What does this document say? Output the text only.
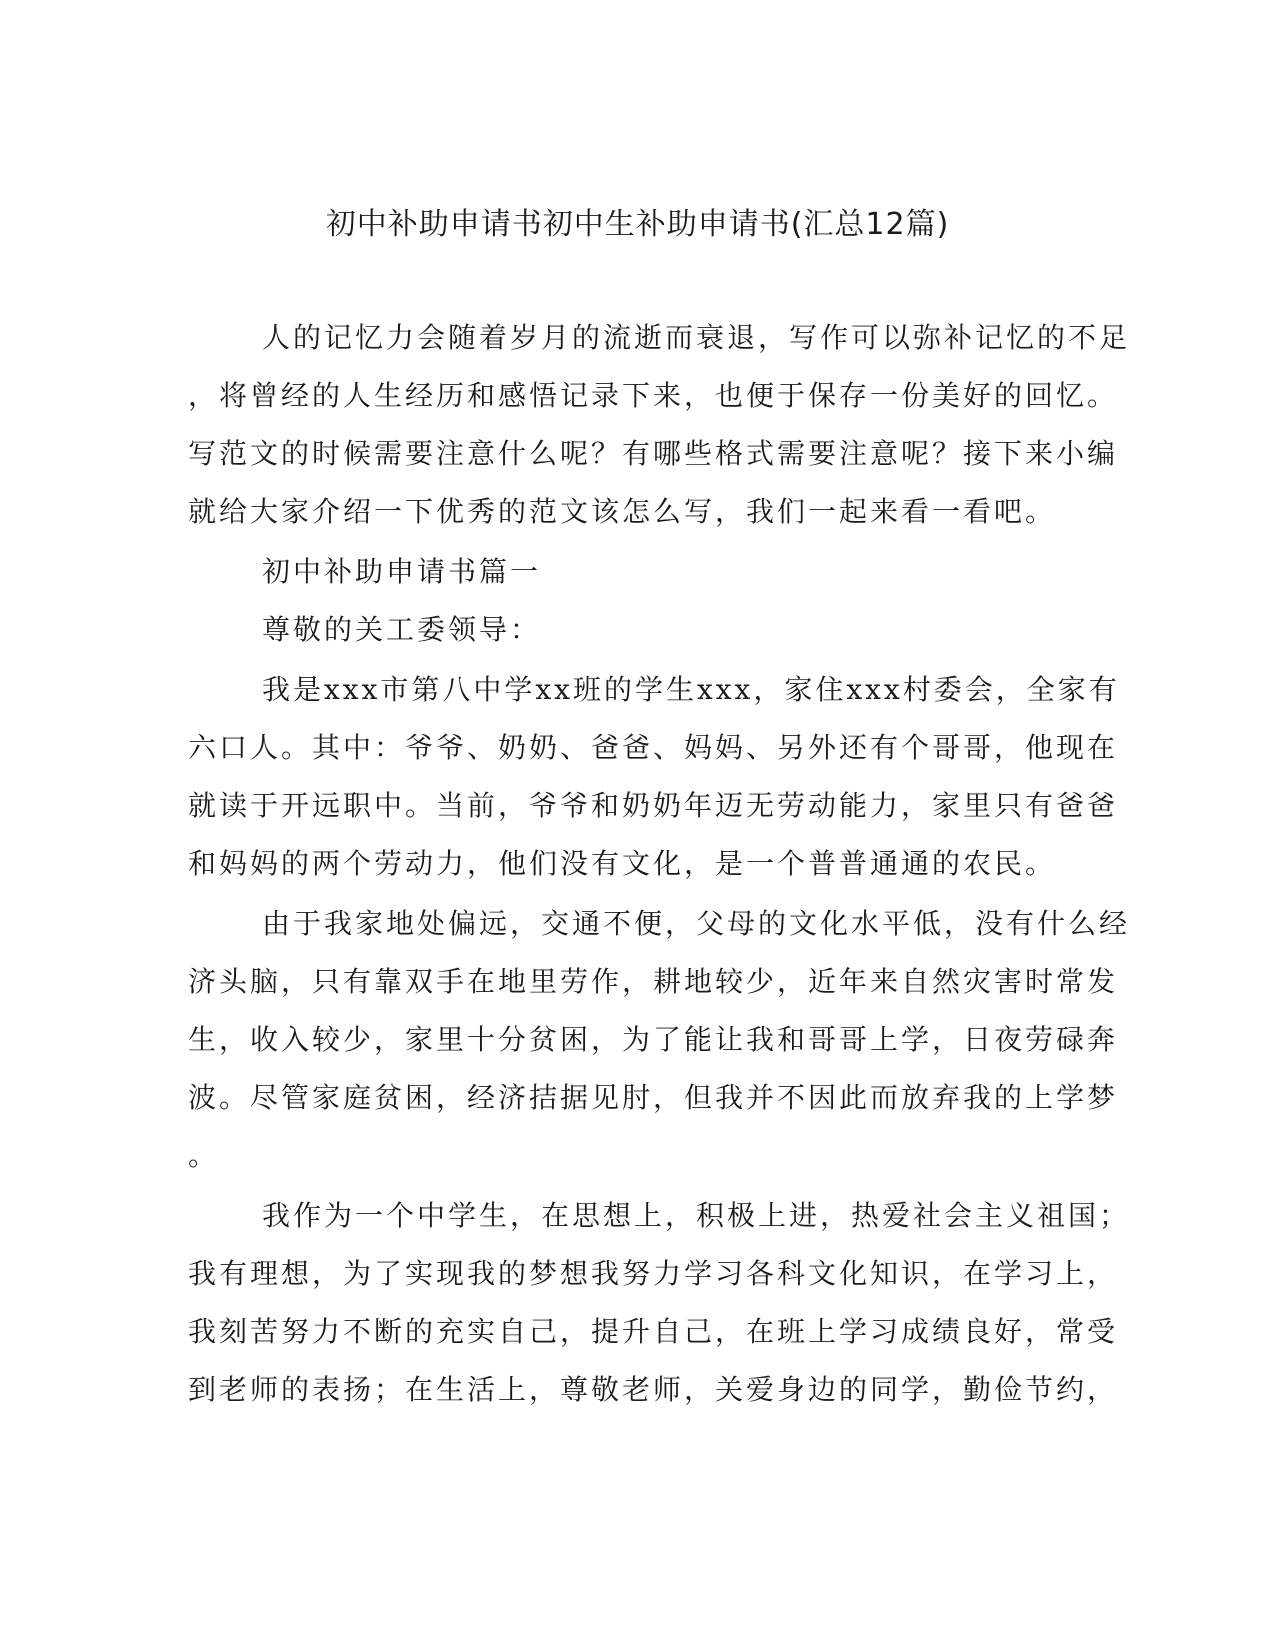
初中补助申请书初中生补助申请书(汇总12篇)
人的记忆力会随着岁月的流逝而衰退，写作可以弥补记忆的不足
，将曾经的人生经历和感悟记录下来，也便于保存一份美好的回忆。
写范文的时候需要注意什么呢？有哪些格式需要注意呢？接下来小编
就给大家介绍一下优秀的范文该怎么写，我们一起来看一看吧。
初中补助申请书篇一
尊敬的关工委领导：
我是xxx市第八中学xx班的学生xxx，家住xxx村委会，全家有
六口人。其中：爷爷、奶奶、爸爸、妈妈、另外还有个哥哥，他现在
就读于开远职中。当前，爷爷和奶奶年迈无劳动能力，家里只有爸爸
和妈妈的两个劳动力，他们没有文化，是一个普普通通的农民。
由于我家地处偏远，交通不便，父母的文化水平低，没有什么经
济头脑，只有靠双手在地里劳作，耕地较少，近年来自然灾害时常发
生，收入较少，家里十分贫困，为了能让我和哥哥上学，日夜劳碌奔
波。尽管家庭贫困，经济拮据见肘，但我并不因此而放弃我的上学梦
。
我作为一个中学生，在思想上，积极上进，热爱社会主义祖国；
我有理想，为了实现我的梦想我努力学习各科文化知识，在学习上，
我刻苦努力不断的充实自己，提升自己，在班上学习成绩良好，常受
到老师的表扬；在生活上，尊敬老师，关爱身边的同学，勤俭节约，
